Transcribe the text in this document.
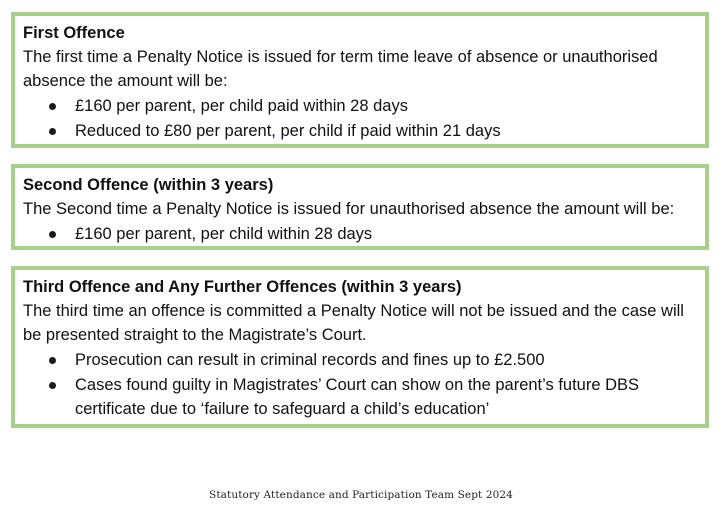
First Offence

The first time a Penalty Notice is issued for term time leave of absence or unauthorised absence the amount will be:

£160 per parent, per child paid within 28 days
Reduced to £80 per parent, per child if paid within 21 days

Second Offence (within 3 years)

The Second time a Penalty Notice is issued for unauthorised absence the amount will be:

£160 per parent, per child within 28 days

Third Offence and Any Further Offences (within 3 years)

The third time an offence is committed a Penalty Notice will not be issued and the case will be presented straight to the Magistrate’s Court.

Prosecution can result in criminal records and fines up to £2.500
Cases found guilty in Magistrates’ Court can show on the parent’s future DBS certificate due to ‘failure to safeguard a child’s education’
Statutory Attendance and Participation Team Sept 2024
